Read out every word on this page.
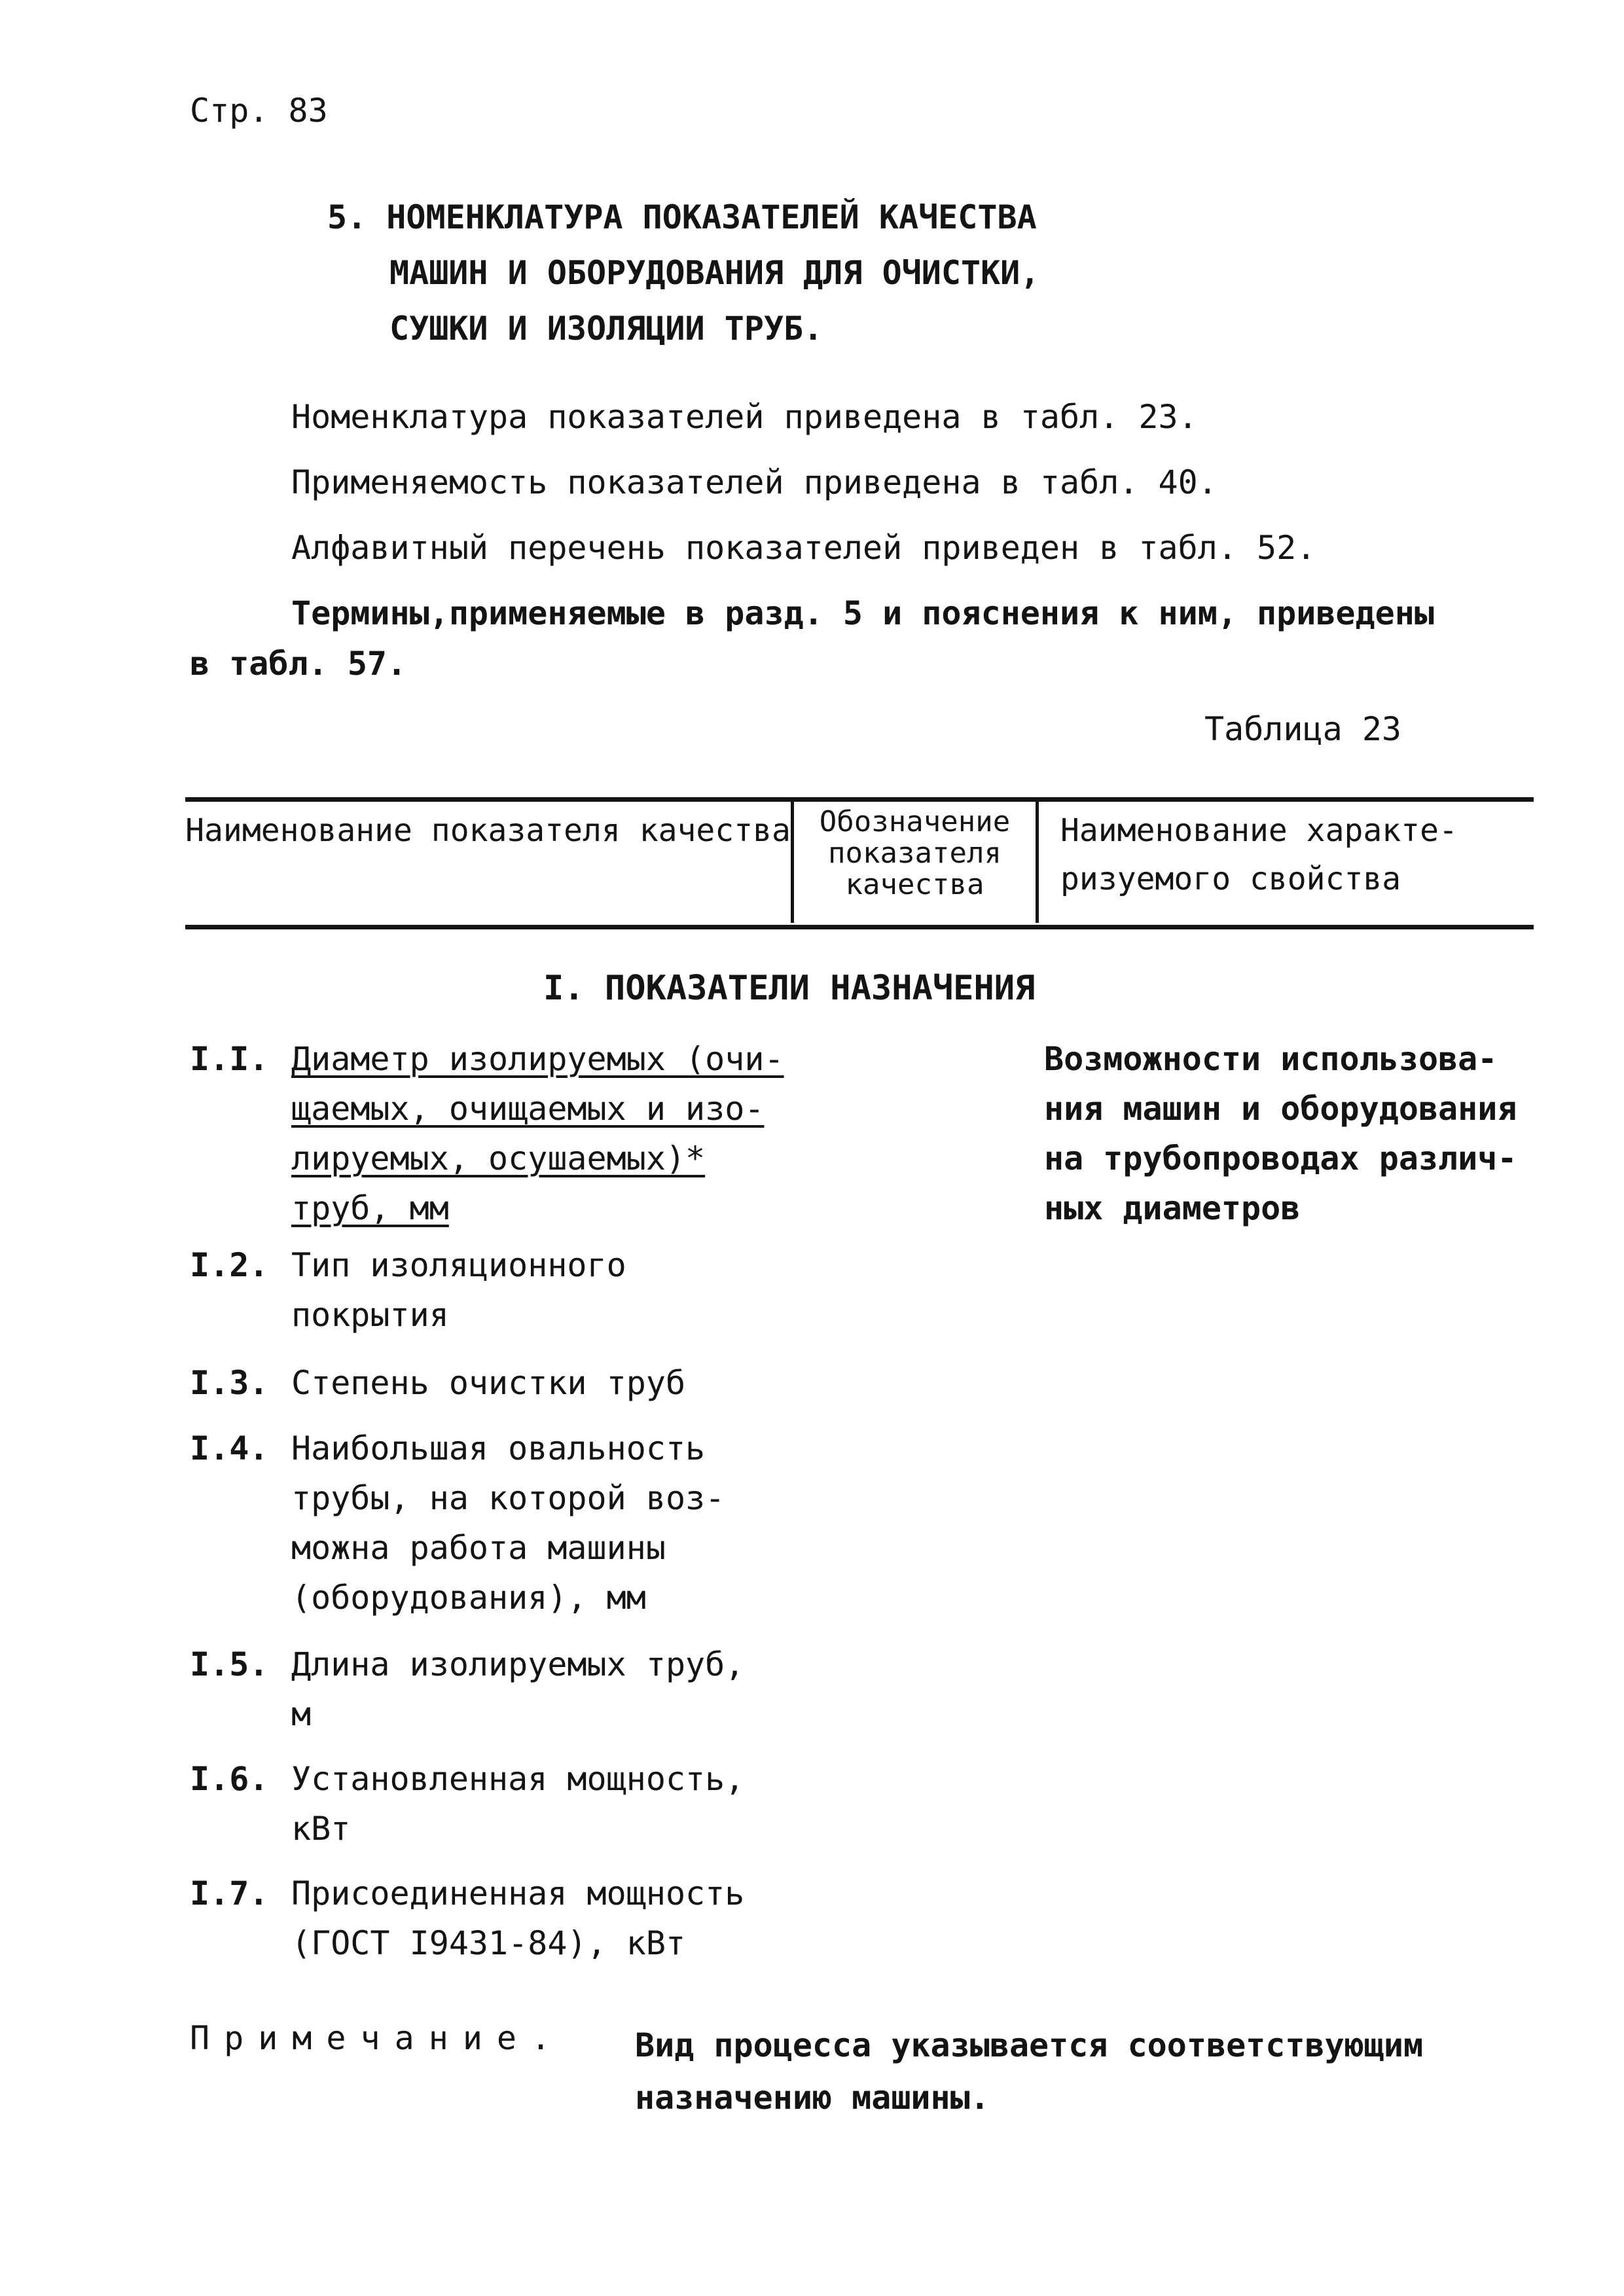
Стр. 83
5. НОМЕНКЛАТУРА ПОКАЗАТЕЛЕЙ КАЧЕСТВА
МАШИН И ОБОРУДОВАНИЯ ДЛЯ ОЧИСТКИ,
СУШКИ И ИЗОЛЯЦИИ ТРУБ.
Номенклатура показателей приведена в табл. 23.
Применяемость показателей приведена в табл. 40.
Алфавитный перечень показателей приведен в табл. 52.
Термины,применяемые в разд. 5 и пояснения к ним, приведены
в табл. 57.
Таблица 23
Наименование показателя качества Обозначение показателя качества
Наименование характе- ризуемого свойства
I. ПОКАЗАТЕЛИ НАЗНАЧЕНИЯ
I.I. Диаметр изолируемых (очи-
щаемых, очищаемых и изо-
лируемых, осушаемых)*
труб, мм
I.2. Тип изоляционного
покрытия
I.3. Степень очистки труб
I.4. Наибольшая овальность
трубы, на которой воз-
можна работа машины
(оборудования), мм
I.5. Длина изолируемых труб,
м
I.6. Установленная мощность,
кВт
I.7. Присоединенная мощность
(ГОСТ I9431-84), кВт
Возможности использова-
ния машин и оборудования
на трубопроводах различ-
ных диаметров
Примечание. Вид процесса указывается соответствующим
назначению машины.
